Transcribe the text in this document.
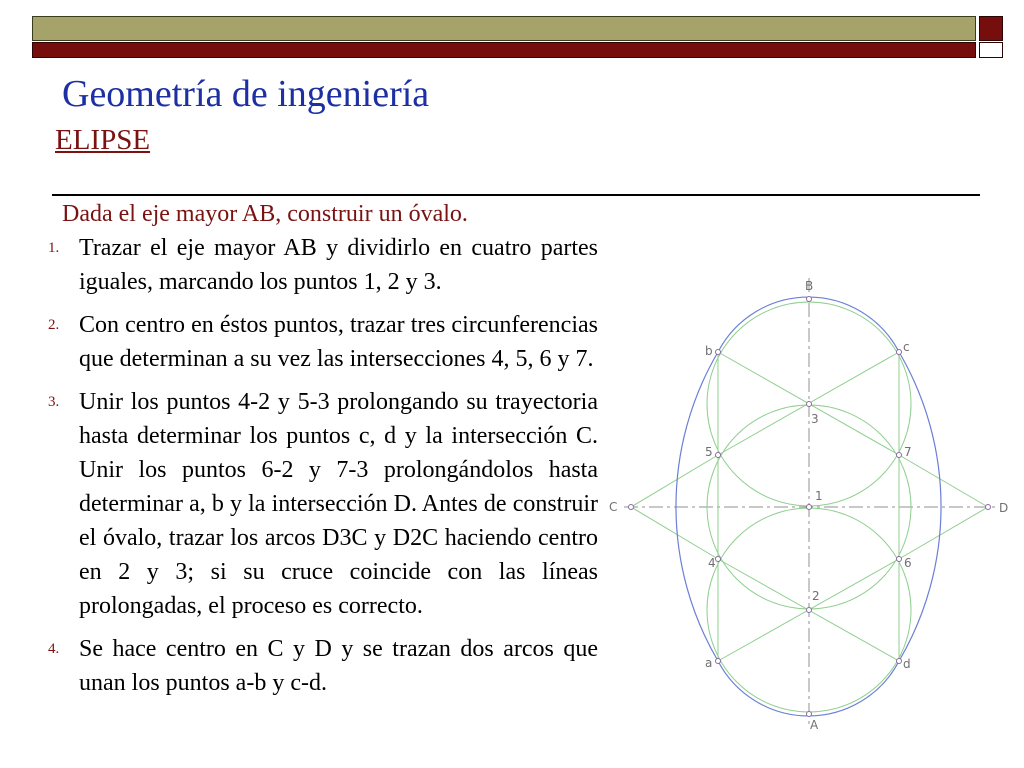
Geometría de ingeniería
ELIPSE

Dada el eje mayor AB, construir un óvalo.

1. Trazar el eje mayor AB y dividirlo en cuatro partes iguales, marcando los puntos 1, 2 y 3.
2. Con centro en éstos puntos, trazar tres circunferencias que determinan a su vez las intersecciones 4, 5, 6 y 7.
3. Unir los puntos 4-2 y 5-3 prolongando su trayectoria hasta determinar los puntos c, d y la intersección C. Unir los puntos 6-2 y 7-3 prolongándolos hasta determinar a, b y la intersección D. Antes de construir el óvalo, trazar los arcos D3C y D2C haciendo centro en 2 y 3; si su cruce coincide con las líneas prolongadas, el proceso es correcto.
4. Se hace centro en C y D y se trazan dos arcos que unan los puntos a-b y c-d.
B
A
C	D
1
2
3
4
5
6
7
a
b	c
d
